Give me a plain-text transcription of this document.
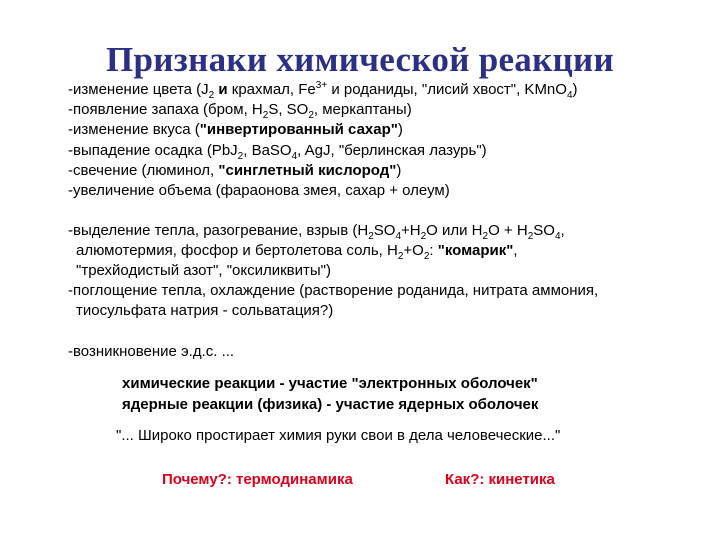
Признаки химической реакции
-изменение цвета ($J_2$ и крахмал, $Fe^{3+}$ и роданиды, "лисий хвост", KMnO$_4$)
-появление запаха (бром, $H_2S$, $SO_2$, меркаптаны)
-изменение вкуса ("инвертированный сахар")
-выпадение осадка (PbJ$_2$, BaSO$_4$, AgJ, "берлинская лазурь")
-свечение (люминол, "синглетный кислород")
-увеличение объема (фараонова змея, сахар + олеум)
-выделение тепла, разогревание, взрыв ($H_2SO_4+H_2O$ или $H_2O + H_2SO_4$,
алюмотермия, фосфор и бертолетова соль, $H_2+O_2$: "комарик",
"трехйодистый азот", "оксиликвиты")
-поглощение тепла, охлаждение (растворение роданида, нитрата аммония,
тиосульфата натрия - сольватация?)
-возникновение э.д.с. ...
химические реакции - участие "электронных оболочек"
ядерные реакции (физика) - участие ядерных оболочек
"... Широко простирает химия руки свои в дела человеческие..."
Почему?: термодинамика	Как?: кинетика
